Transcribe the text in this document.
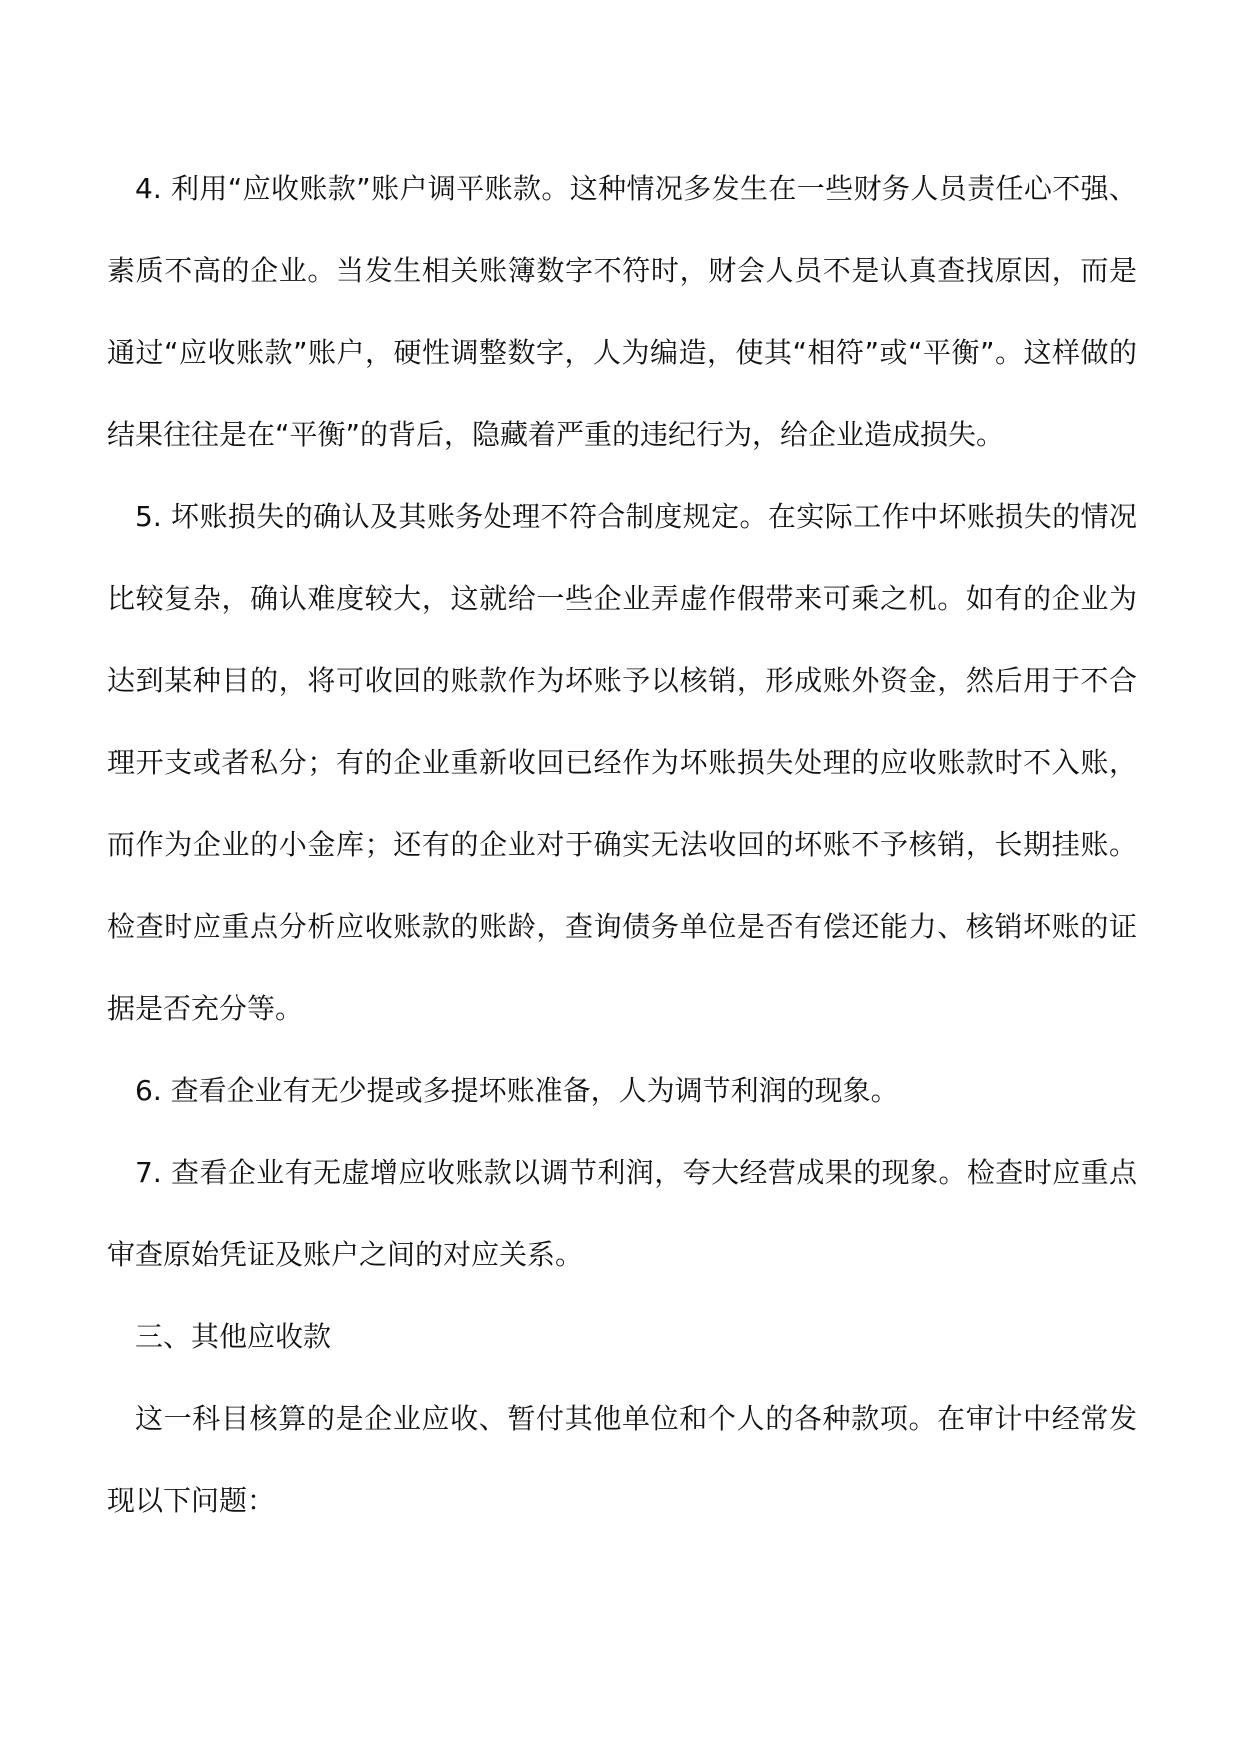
4. 利用“应收账款”账户调平账款。这种情况多发生在一些财务人员责任心不强、素质不高的企业。当发生相关账簿数字不符时，财会人员不是认真查找原因，而是通过“应收账款”账户，硬性调整数字，人为编造，使其“相符”或“平衡”。这样做的结果往往是在“平衡”的背后，隐藏着严重的违纪行为，给企业造成损失。

5. 坏账损失的确认及其账务处理不符合制度规定。在实际工作中坏账损失的情况比较复杂，确认难度较大，这就给一些企业弄虚作假带来可乘之机。如有的企业为达到某种目的，将可收回的账款作为坏账予以核销，形成账外资金，然后用于不合理开支或者私分；有的企业重新收回已经作为坏账损失处理的应收账款时不入账，而作为企业的小金库；还有的企业对于确实无法收回的坏账不予核销，长期挂账。检查时应重点分析应收账款的账龄，查询债务单位是否有偿还能力、核销坏账的证据是否充分等。

6. 查看企业有无少提或多提坏账准备，人为调节利润的现象。

7. 查看企业有无虚增应收账款以调节利润，夸大经营成果的现象。检查时应重点审查原始凭证及账户之间的对应关系。

三、其他应收款

这一科目核算的是企业应收、暂付其他单位和个人的各种款项。在审计中经常发现以下问题：
